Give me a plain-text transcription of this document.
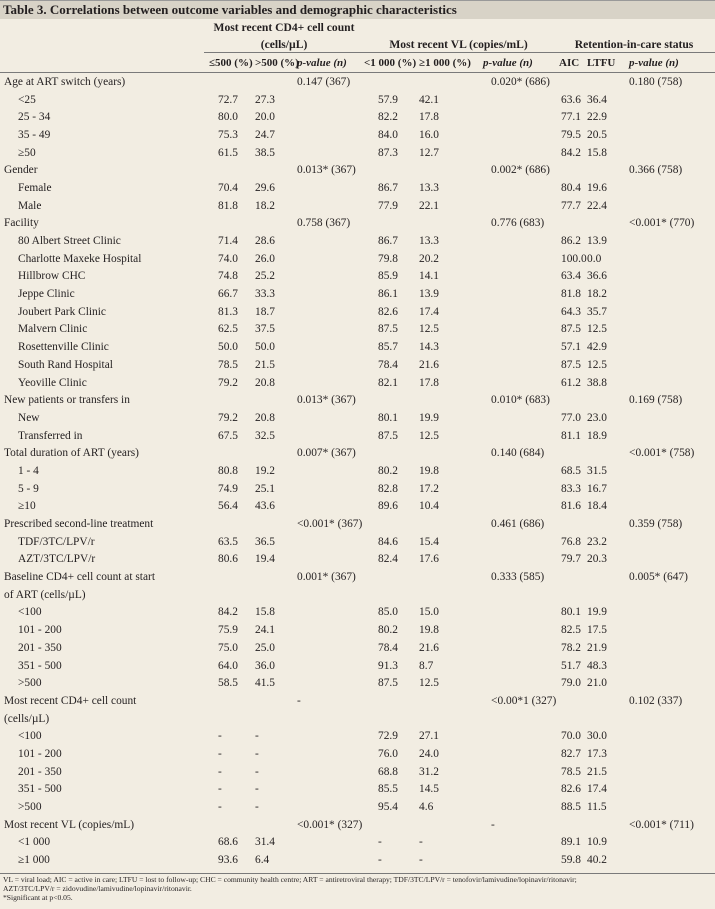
Table 3. Correlations between outcome variables and demographic characteristics
	Most recent CD4+ cell count								
	(cells/µL)			Most recent VL (copies/mL)			Retention-in-care status		
	≤500 (%)	>500 (%)	p-value (n)	<1 000 (%)	≥1 000 (%)	p-value (n)	AIC	LTFU	p-value (n)
Age at ART switch (years)			0.147 (367)			0.020* (686)			0.180 (758)
<25	72.7	27.3		57.9	42.1		63.6	36.4	
25 - 34	80.0	20.0		82.2	17.8		77.1	22.9	
35 - 49	75.3	24.7		84.0	16.0		79.5	20.5	
≥50	61.5	38.5		87.3	12.7		84.2	15.8	
Gender			0.013* (367)			0.002* (686)			0.366 (758)
Female	70.4	29.6		86.7	13.3		80.4	19.6	
Male	81.8	18.2		77.9	22.1		77.7	22.4	
Facility			0.758 (367)			0.776 (683)			<0.001* (770)
80 Albert Street Clinic	71.4	28.6		86.7	13.3		86.2	13.9	
Charlotte Maxeke Hospital	74.0	26.0		79.8	20.2		100.0	0.0	
Hillbrow CHC	74.8	25.2		85.9	14.1		63.4	36.6	
Jeppe Clinic	66.7	33.3		86.1	13.9		81.8	18.2	
Joubert Park Clinic	81.3	18.7		82.6	17.4		64.3	35.7	
Malvern Clinic	62.5	37.5		87.5	12.5		87.5	12.5	
Rosettenville Clinic	50.0	50.0		85.7	14.3		57.1	42.9	
South Rand Hospital	78.5	21.5		78.4	21.6		87.5	12.5	
Yeoville Clinic	79.2	20.8		82.1	17.8		61.2	38.8	
New patients or transfers in			0.013* (367)			0.010* (683)			0.169 (758)
New	79.2	20.8		80.1	19.9		77.0	23.0	
Transferred in	67.5	32.5		87.5	12.5		81.1	18.9	
Total duration of ART (years)			0.007* (367)			0.140 (684)			<0.001* (758)
1 - 4	80.8	19.2		80.2	19.8		68.5	31.5	
5 - 9	74.9	25.1		82.8	17.2		83.3	16.7	
≥10	56.4	43.6		89.6	10.4		81.6	18.4	
Prescribed second-line treatment			<0.001* (367)			0.461 (686)			0.359 (758)
TDF/3TC/LPV/r	63.5	36.5		84.6	15.4		76.8	23.2	
AZT/3TC/LPV/r	80.6	19.4		82.4	17.6		79.7	20.3	
Baseline CD4+ cell count at start			0.001* (367)			0.333 (585)			0.005* (647)
of ART (cells/µL)									
<100	84.2	15.8		85.0	15.0		80.1	19.9	
101 - 200	75.9	24.1		80.2	19.8		82.5	17.5	
201 - 350	75.0	25.0		78.4	21.6		78.2	21.9	
351 - 500	64.0	36.0		91.3	8.7		51.7	48.3	
>500	58.5	41.5		87.5	12.5		79.0	21.0	
Most recent CD4+ cell count			-			<0.00*1 (327)			0.102 (337)
(cells/µL)									
<100	-	-		72.9	27.1		70.0	30.0	
101 - 200	-	-		76.0	24.0		82.7	17.3	
201 - 350	-	-		68.8	31.2		78.5	21.5	
351 - 500	-	-		85.5	14.5		82.6	17.4	
>500	-	-		95.4	4.6		88.5	11.5	
Most recent VL (copies/mL)			<0.001* (327)			-			<0.001* (711)
<1 000	68.6	31.4		-	-		89.1	10.9	
≥1 000	93.6	6.4		-	-		59.8	40.2	

VL = viral load; AIC = active in care; LTFU = lost to follow-up; CHC = community health centre; ART = antiretroviral therapy; TDF/3TC/LPV/r = tenofovir/lamivudine/lopinavir/ritonavir;

AZT/3TC/LPV/r = zidovudine/lamivudine/lopinavir/ritonavir.

*Significant at p<0.05.
